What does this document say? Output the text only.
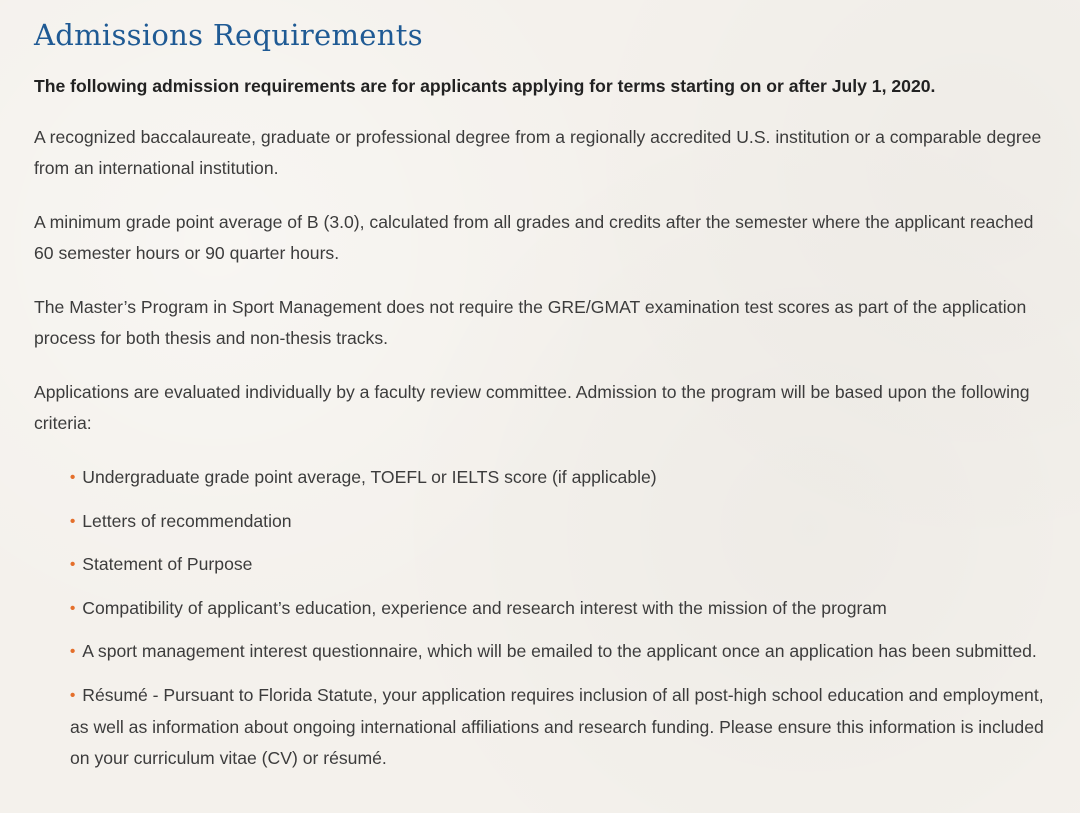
Admissions Requirements

The following admission requirements are for applicants applying for terms starting on or after July 1, 2020.

A recognized baccalaureate, graduate or professional degree from a regionally accredited U.S. institution or a comparable degree from an international institution.

A minimum grade point average of B (3.0), calculated from all grades and credits after the semester where the applicant reached 60 semester hours or 90 quarter hours.

The Master’s Program in Sport Management does not require the GRE/GMAT examination test scores as part of the application process for both thesis and non-thesis tracks.

Applications are evaluated individually by a faculty review committee. Admission to the program will be based upon the following criteria:

• Undergraduate grade point average, TOEFL or IELTS score (if applicable)
• Letters of recommendation
• Statement of Purpose
• Compatibility of applicant’s education, experience and research interest with the mission of the program
• A sport management interest questionnaire, which will be emailed to the applicant once an application has been submitted.
• Résumé - Pursuant to Florida Statute, your application requires inclusion of all post-high school education and employment, as well as information about ongoing international affiliations and research funding. Please ensure this information is included on your curriculum vitae (CV) or résumé.
